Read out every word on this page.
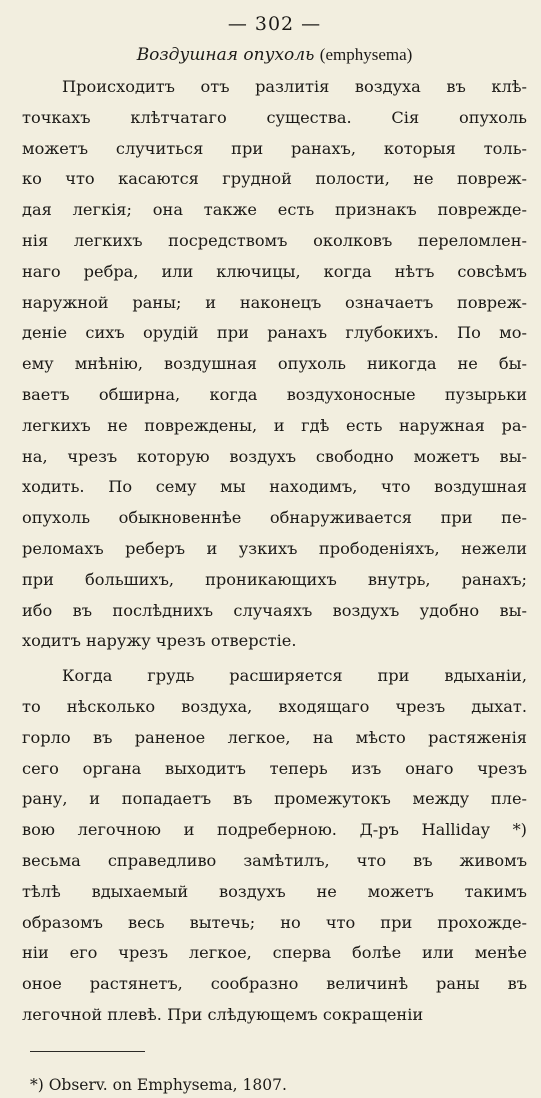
— 302 —
Воздушная опухоль (emphysema)
Происходитъ отъ разлитія воздуха въ клѣ-
точкахъ клѣтчатаго существа. Сія опухоль
можетъ случиться при ранахъ, которыя толь-
ко что касаются грудной полости, не повреж-
дая легкія; она также есть признакъ поврежде-
нія легкихъ посредствомъ околковъ переломлен-
наго ребра, или ключицы, когда нѣтъ совсѣмъ
наружной раны; и наконецъ означаетъ повреж-
деніе сихъ орудій при ранахъ глубокихъ. По мо-
ему мнѣнію, воздушная опухоль никогда не бы-
ваетъ обширна, когда воздухоносные пузырьки
легкихъ не повреждены, и гдѣ есть наружная ра-
на, чрезъ которую воздухъ свободно можетъ вы-
ходить. По сему мы находимъ, что воздушная
опухоль обыкновеннѣе обнаруживается при пе-
реломахъ реберъ и узкихъ прободеніяхъ, нежели
при большихъ, проникающихъ внутрь, ранахъ;
ибо въ послѣднихъ случаяхъ воздухъ удобно вы-
ходитъ наружу чрезъ отверстіе.
Когда грудь расширяется при вдыханіи,
то нѣсколько воздуха, входящаго чрезъ дыхат.
горло въ раненое легкое, на мѣсто растяженія
сего органа выходитъ теперь изъ онаго чрезъ
рану, и попадаетъ въ промежутокъ между пле-
вою легочною и подреберною. Д-ръ Halliday *)
весьма справедливо замѣтилъ, что въ живомъ
тѣлѣ вдыхаемый воздухъ не можетъ такимъ
образомъ весь вытечь; но что при прохожде-
ніи его чрезъ легкое, сперва болѣе или менѣе
оное растянетъ, сообразно величинѣ раны въ
легочной плевѣ. При слѣдующемъ сокращеніи
*) Observ. on Emphysema, 1807.
